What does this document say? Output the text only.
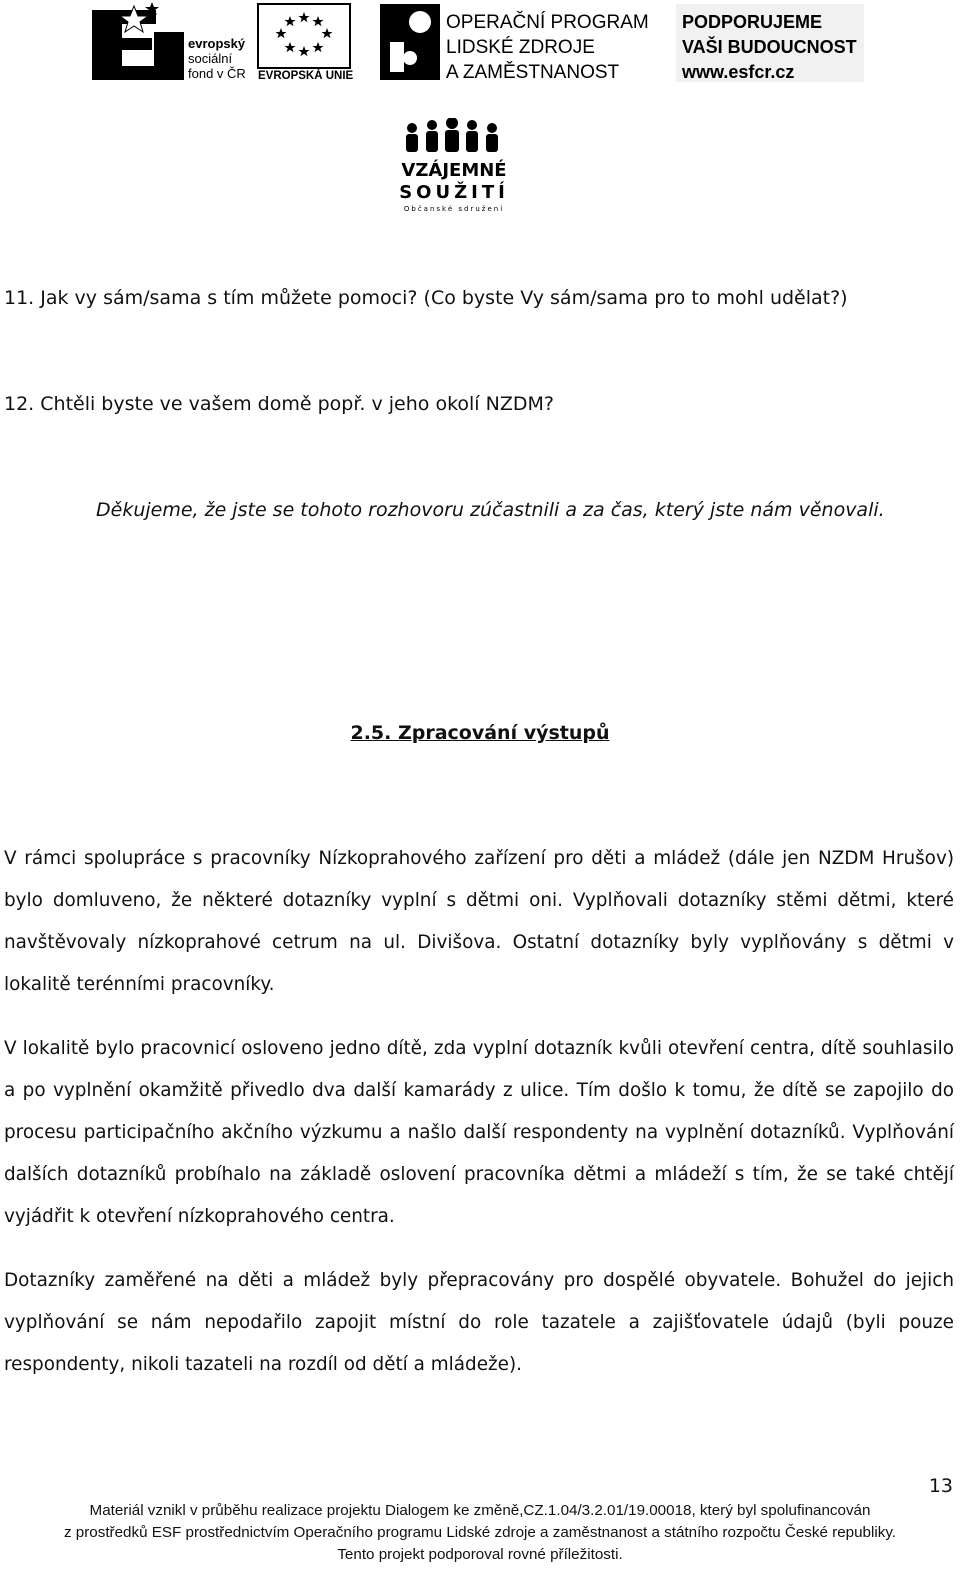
evropský
sociální
fond v ČR EVROPSKÁ UNIE
OPERAČNÍ PROGRAM
LIDSKÉ ZDROJE
A ZAMĚSTNANOST
PODPORUJEME
VAŠI BUDOUCNOST
www.esfcr.cz
VZÁJEMNÉ
SOUŽITÍ
Občanské sdružení
11. Jak vy sám/sama s tím můžete pomoci? (Co byste Vy sám/sama pro to mohl udělat?)
12. Chtěli byste ve vašem domě popř. v jeho okolí NZDM?
Děkujeme, že jste se tohoto rozhovoru zúčastnili a za čas, který jste nám věnovali.
2.5. Zpracování výstupů
V rámci spolupráce s pracovníky Nízkoprahového zařízení pro děti a mládež (dále jen NZDM Hrušov) bylo domluveno, že některé dotazníky vyplní s dětmi oni. Vyplňovali dotazníky stěmi dětmi, které navštěvovaly nízkoprahové cetrum na ul. Divišova. Ostatní dotazníky byly vyplňovány s dětmi v lokalitě terénními pracovníky.
V lokalitě bylo pracovnicí osloveno jedno dítě, zda vyplní dotazník kvůli otevření centra, dítě souhlasilo a po vyplnění okamžitě přivedlo dva další kamarády z ulice. Tím došlo k tomu, že dítě se zapojilo do procesu participačního akčního výzkumu a našlo další respondenty na vyplnění dotazníků. Vyplňování dalších dotazníků probíhalo na základě oslovení pracovníka dětmi a mládeží s tím, že se také chtějí vyjádřit k otevření nízkoprahového centra.
Dotazníky zaměřené na děti a mládež byly přepracovány pro dospělé obyvatele. Bohužel do jejich vyplňování se nám nepodařilo zapojit místní do role tazatele a zajišťovatele údajů (byli pouze respondenty, nikoli tazateli na rozdíl od dětí a mládeže).
13
Materiál vznikl v průběhu realizace projektu Dialogem ke změně,CZ.1.04/3.2.01/19.00018, který byl spolufinancován
z prostředků ESF prostřednictvím Operačního programu Lidské zdroje a zaměstnanost a státního rozpočtu České republiky.
Tento projekt podporoval rovné příležitosti.
